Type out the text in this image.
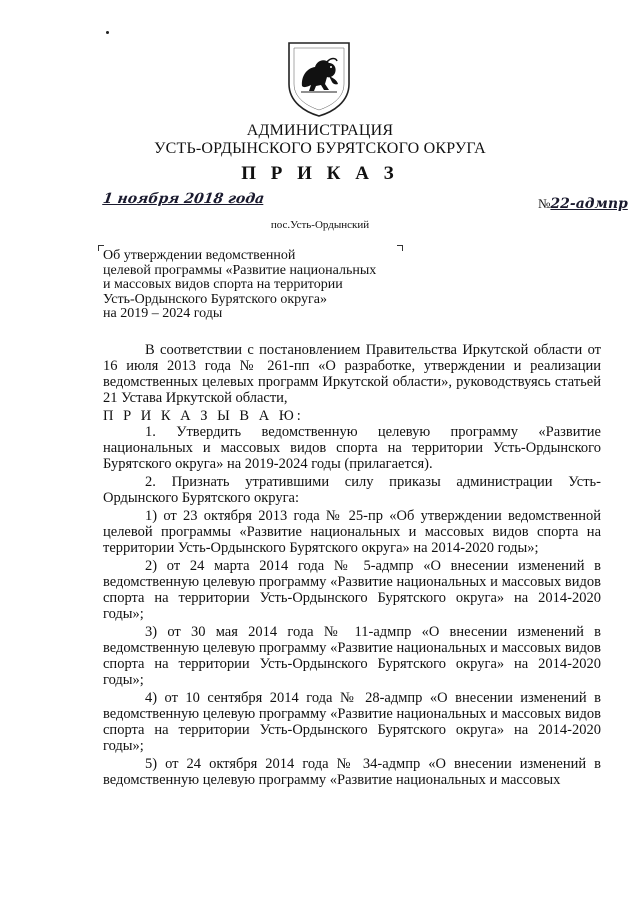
АДМИНИСТРАЦИЯ
УСТЬ-ОРДЫНСКОГО БУРЯТСКОГО ОКРУГА
П Р И К А З
1 ноября 2018 года	№22-адмпр
пос.Усть-Ордынский
Об утверждении ведомственной
целевой программы «Развитие национальных
и массовых видов спорта на территории
Усть-Ордынского Бурятского округа»
на 2019 – 2024 годы

В соответствии с постановлением Правительства Иркутской области от 16 июля 2013 года № 261-пп «О разработке, утверждении и реализации ведомственных целевых программ Иркутской области», руководствуясь статьей 21 Устава Иркутской области,

П Р И К А З Ы В А Ю:

1. Утвердить ведомственную целевую программу «Развитие национальных и массовых видов спорта на территории Усть-Ордынского Бурятского округа» на 2019-2024 годы (прилагается).

2. Признать утратившими силу приказы администрации Усть-Ордынского Бурятского округа:

1) от 23 октября 2013 года № 25-пр «Об утверждении ведомственной целевой программы «Развитие национальных и массовых видов спорта на территории Усть-Ордынского Бурятского округа» на 2014-2020 годы»;

2) от 24 марта 2014 года № 5-адмпр «О внесении изменений в ведомственную целевую программу «Развитие национальных и массовых видов спорта на территории Усть-Ордынского Бурятского округа» на 2014-2020 годы»;

3) от 30 мая 2014 года № 11-адмпр «О внесении изменений в ведомственную целевую программу «Развитие национальных и массовых видов спорта на территории Усть-Ордынского Бурятского округа» на 2014-2020 годы»;

4) от 10 сентября 2014 года № 28-адмпр «О внесении изменений в ведомственную целевую программу «Развитие национальных и массовых видов спорта на территории Усть-Ордынского Бурятского округа» на 2014-2020 годы»;

5) от 24 октября 2014 года № 34-адмпр «О внесении изменений в ведомственную целевую программу «Развитие национальных и массовых
